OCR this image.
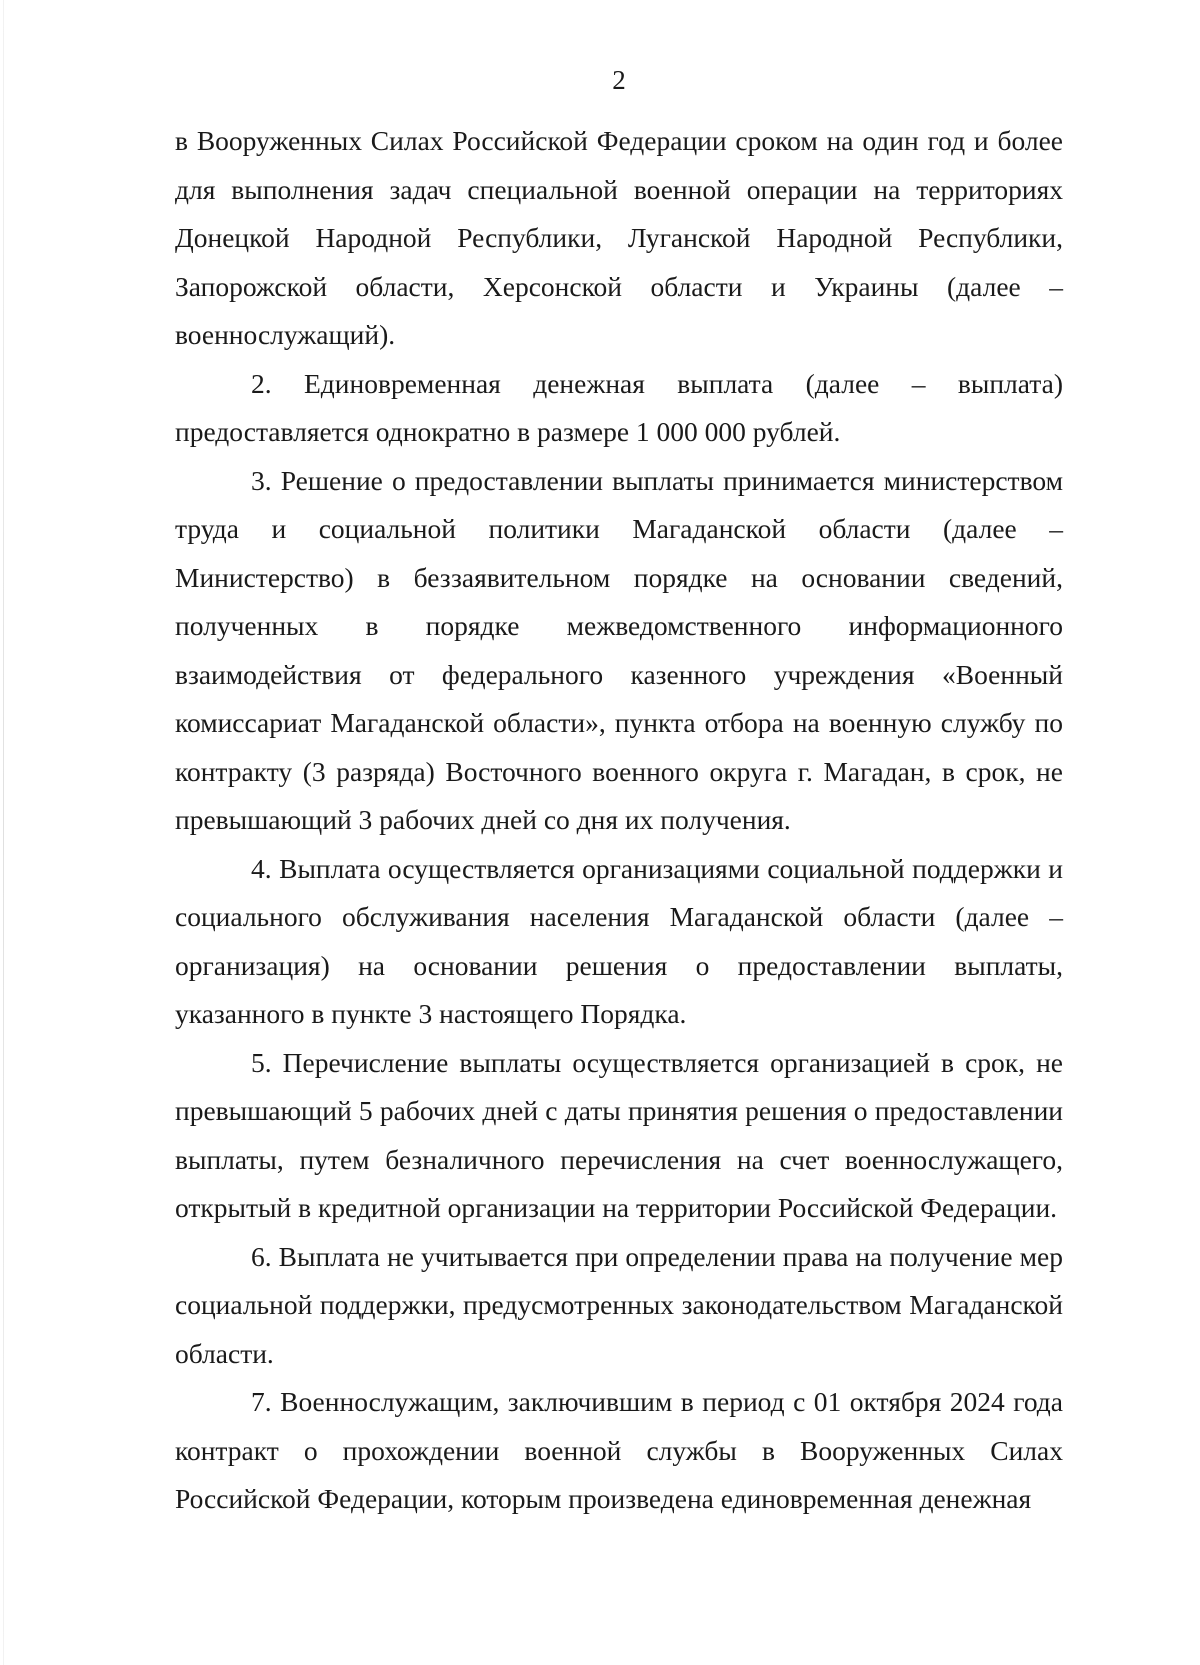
2

в Вооруженных Силах Российской Федерации сроком на один год и более для выполнения задач специальной военной операции на территориях Донецкой Народной Республики, Луганской Народной Республики, Запорожской области, Херсонской области и Украины (далее – военнослужащий).

2. Единовременная денежная выплата (далее – выплата) предоставляется однократно в размере 1 000 000 рублей.

3. Решение о предоставлении выплаты принимается министерством труда и социальной политики Магаданской области (далее – Министерство) в беззаявительном порядке на основании сведений, полученных в порядке межведомственного информационного взаимодействия от федерального казенного учреждения «Военный комиссариат Магаданской области», пункта отбора на военную службу по контракту (3 разряда) Восточного военного округа г. Магадан, в срок, не превышающий 3 рабочих дней со дня их получения.

4. Выплата осуществляется организациями социальной поддержки и социального обслуживания населения Магаданской области (далее – организация) на основании решения о предоставлении выплаты, указанного в пункте 3 настоящего Порядка.

5. Перечисление выплаты осуществляется организацией в срок, не превышающий 5 рабочих дней с даты принятия решения о предоставлении выплаты, путем безналичного перечисления на счет военнослужащего, открытый в кредитной организации на территории Российской Федерации.

6. Выплата не учитывается при определении права на получение мер социальной поддержки, предусмотренных законодательством Магаданской области.

7. Военнослужащим, заключившим в период с 01 октября 2024 года контракт о прохождении военной службы в Вооруженных Силах Российской Федерации, которым произведена единовременная денежная
